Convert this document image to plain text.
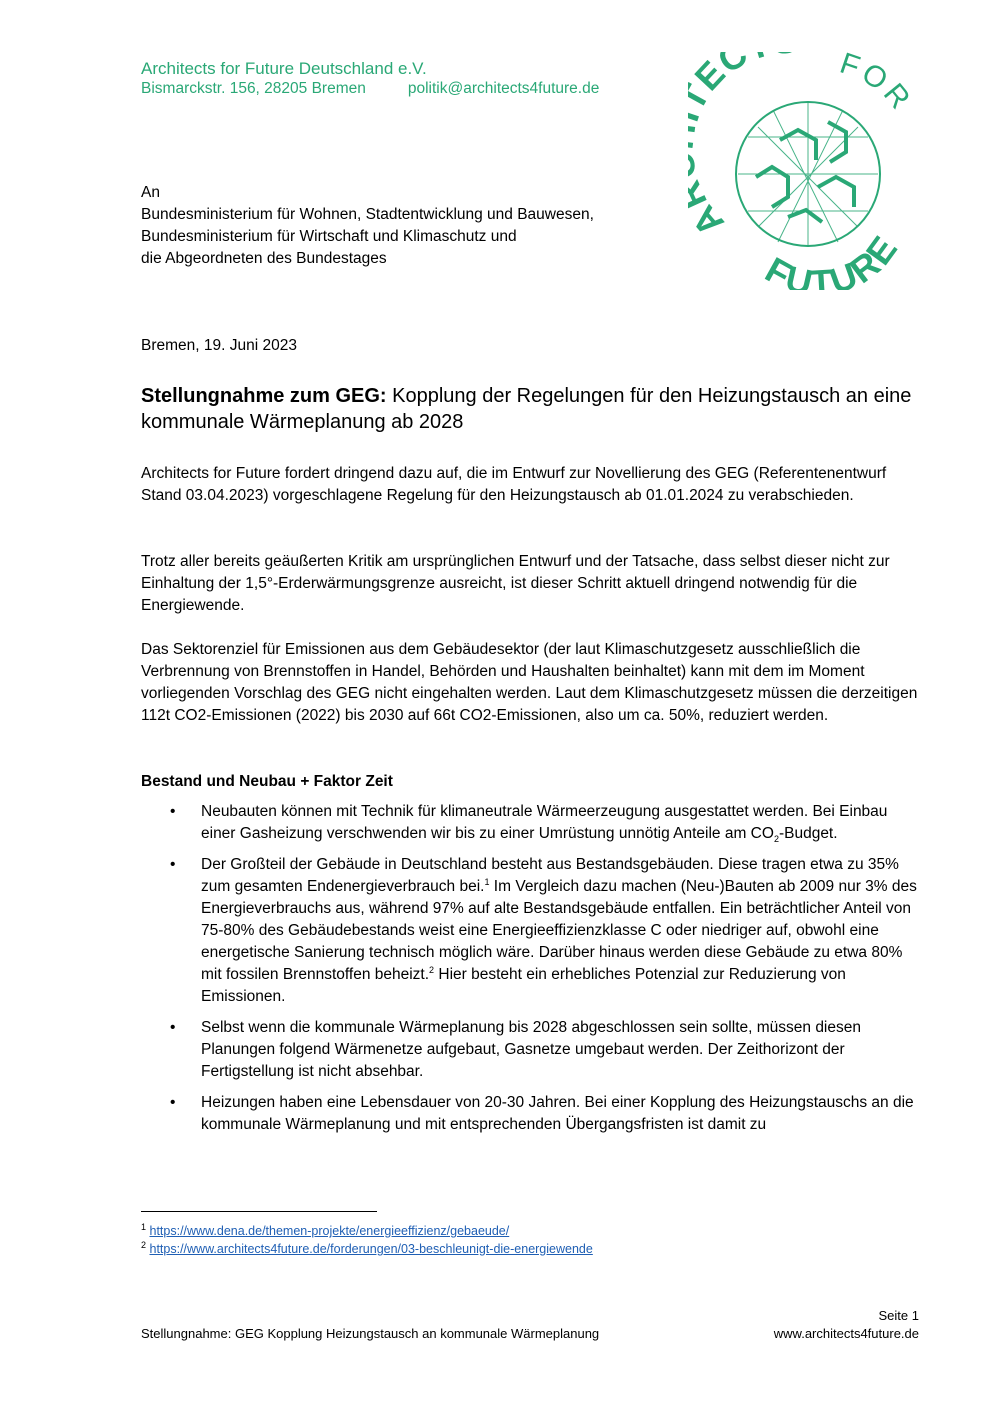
Architects for Future Deutschland e.V.
Bismarckstr. 156, 28205 Bremen	politik@architects4future.de	EC	FOR
FUTURE
An
Bundesministerium für Wohnen, Stadtentwicklung und Bauwesen,
Bundesministerium für Wirtschaft und Klimaschutz und
die Abgeordneten des Bundestages
Bremen, 19. Juni 2023
Stellungnahme zum GEG: Kopplung der Regelungen für den Heizungstausch an eine kommunale Wärmeplanung ab 2028
Architects for Future fordert dringend dazu auf, die im Entwurf zur Novellierung des GEG (Referentenentwurf Stand 03.04.2023) vorgeschlagene Regelung für den Heizungstausch ab 01.01.2024 zu verabschieden.
Trotz aller bereits geäußerten Kritik am ursprünglichen Entwurf und der Tatsache, dass selbst dieser nicht zur Einhaltung der 1,5°-Erderwärmungsgrenze ausreicht, ist dieser Schritt aktuell dringend notwendig für die Energiewende.
Das Sektorenziel für Emissionen aus dem Gebäudesektor (der laut Klimaschutzgesetz ausschließlich die Verbrennung von Brennstoffen in Handel, Behörden und Haushalten beinhaltet) kann mit dem im Moment vorliegenden Vorschlag des GEG nicht eingehalten werden. Laut dem Klimaschutzgesetz müssen die derzeitigen 112t CO2-Emissionen (2022) bis 2030 auf 66t CO2-Emissionen, also um ca. 50%, reduziert werden.
Bestand und Neubau + Faktor Zeit
• Neubauten können mit Technik für klimaneutrale Wärmeerzeugung ausgestattet werden. Bei Einbau einer Gasheizung verschwenden wir bis zu einer Umrüstung unnötig Anteile am $CO_2$-Budget.
• Der Großteil der Gebäude in Deutschland besteht aus Bestandsgebäuden. Diese tragen etwa zu 35% zum gesamten Endenergieverbrauch bei.$^1$ Im Vergleich dazu machen (Neu-)Bauten ab 2009 nur 3% des Energieverbrauchs aus, während 97% auf alte Bestandsgebäude entfallen. Ein beträchtlicher Anteil von 75-80% des Gebäudebestands weist eine Energieeffizienzklasse C oder niedriger auf, obwohl eine energetische Sanierung technisch möglich wäre. Darüber hinaus werden diese Gebäude zu etwa 80% mit fossilen Brennstoffen beheizt.$^2$ Hier besteht ein erhebliches Potenzial zur Reduzierung von Emissionen.
• Selbst wenn die kommunale Wärmeplanung bis 2028 abgeschlossen sein sollte, müssen diesen Planungen folgend Wärmenetze aufgebaut, Gasnetze umgebaut werden. Der Zeithorizont der Fertigstellung ist nicht absehbar.
• Heizungen haben eine Lebensdauer von 20-30 Jahren. Bei einer Kopplung des Heizungstauschs an die kommunale Wärmeplanung und mit entsprechenden Übergangsfristen ist damit zu
$^1$ https://www.dena.de/themen-projekte/energieeffizienz/gebaeude/
$^2$ https://www.architects4future.de/forderungen/03-beschleunigt-die-energiewende
Seite 1
Stellungnahme: GEG Kopplung Heizungstausch an kommunale Wärmeplanung	www.architects4future.de
